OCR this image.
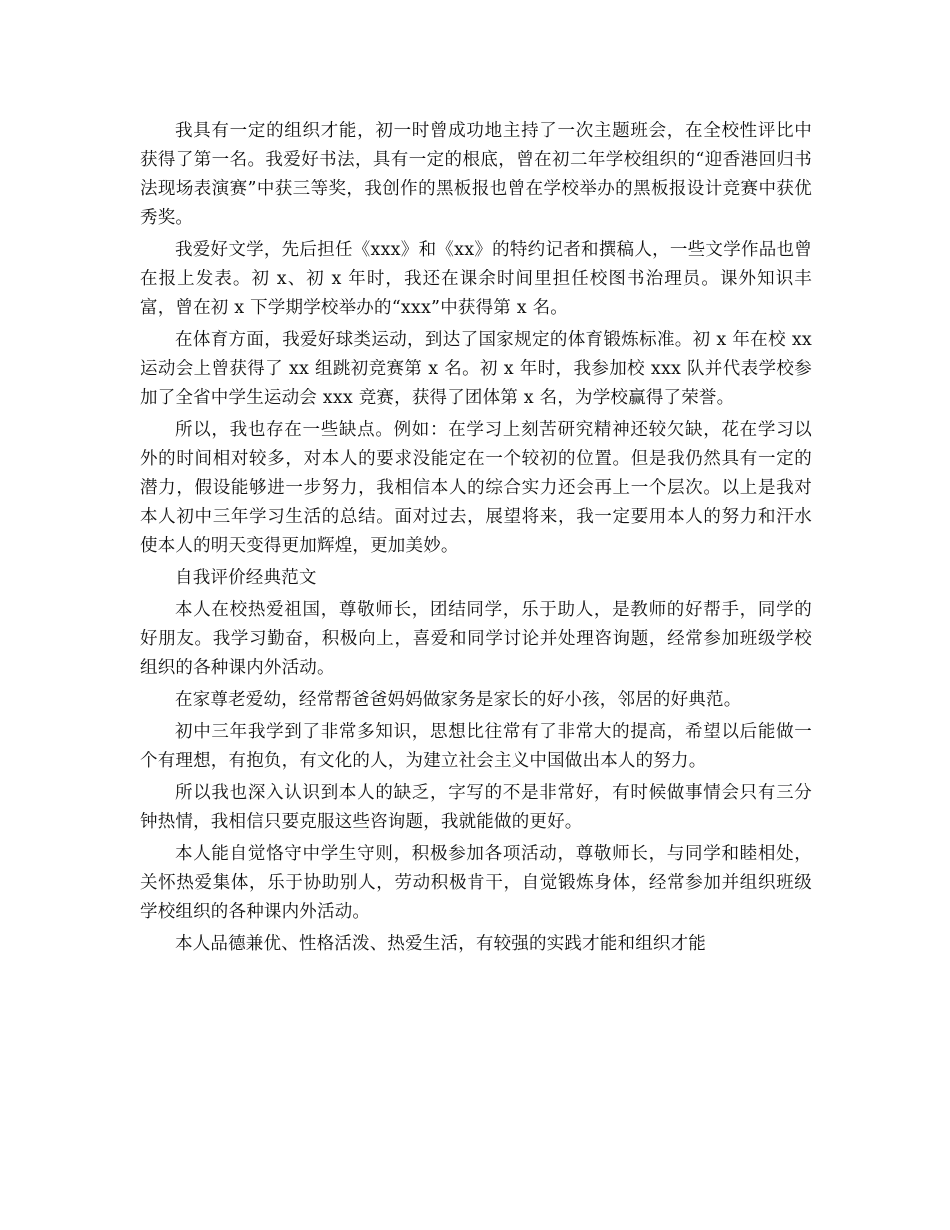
我具有一定的组织才能，初一时曾成功地主持了一次主题班会，在全校性评比中获得了第一名。我爱好书法，具有一定的根底，曾在初二年学校组织的“迎香港回归书法现场表演赛”中获三等奖，我创作的黑板报也曾在学校举办的黑板报设计竞赛中获优秀奖。

我爱好文学，先后担任《xxx》和《xx》的特约记者和撰稿人，一些文学作品也曾在报上发表。初 x、初 x 年时，我还在课余时间里担任校图书治理员。课外知识丰富，曾在初 x 下学期学校举办的“xxx”中获得第 x 名。

在体育方面，我爱好球类运动，到达了国家规定的体育锻炼标准。初 x 年在校 xx 运动会上曾获得了 xx 组跳初竞赛第 x 名。初 x 年时，我参加校 xxx 队并代表学校参加了全省中学生运动会 xxx 竞赛，获得了团体第 x 名，为学校赢得了荣誉。

所以，我也存在一些缺点。例如：在学习上刻苦研究精神还较欠缺，花在学习以外的时间相对较多，对本人的要求没能定在一个较初的位置。但是我仍然具有一定的潜力，假设能够进一步努力，我相信本人的综合实力还会再上一个层次。以上是我对本人初中三年学习生活的总结。面对过去，展望将来，我一定要用本人的努力和汗水使本人的明天变得更加辉煌，更加美妙。

自我评价经典范文

本人在校热爱祖国，尊敬师长，团结同学，乐于助人，是教师的好帮手，同学的好朋友。我学习勤奋，积极向上，喜爱和同学讨论并处理咨询题，经常参加班级学校组织的各种课内外活动。

在家尊老爱幼，经常帮爸爸妈妈做家务是家长的好小孩，邻居的好典范。

初中三年我学到了非常多知识，思想比往常有了非常大的提高，希望以后能做一个有理想，有抱负，有文化的人，为建立社会主义中国做出本人的努力。

所以我也深入认识到本人的缺乏，字写的不是非常好，有时候做事情会只有三分钟热情，我相信只要克服这些咨询题，我就能做的更好。

本人能自觉恪守中学生守则，积极参加各项活动，尊敬师长，与同学和睦相处，关怀热爱集体，乐于协助别人，劳动积极肯干，自觉锻炼身体，经常参加并组织班级学校组织的各种课内外活动。

本人品德兼优、性格活泼、热爱生活，有较强的实践才能和组织才能
